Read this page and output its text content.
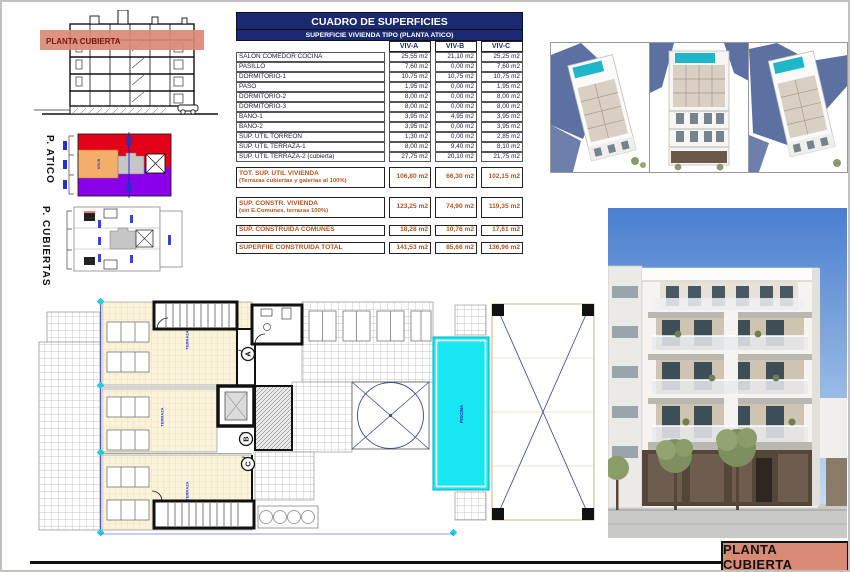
PLANTA CUBIERTA
CUADRO DE SUPERFICIES
SUPERFICIE VIVIENDA TIPO (PLANTA ATICO)
VIV-A	VIV-B	VIV-C
SALON COMEDOR COCINA	25,55 m2	21,10 m2	25,25 m2
PASILLO	7,60 m2	0,00 m2	7,60 m2
DORMITORIO-1	10,75 m2	10,75 m2	10,75 m2
PASO	1,95 m2	0,00 m2	1,95 m2
DORMITORIO-2	8,00 m2	0,00 m2	8,00 m2
DORMITORIO-3	8,00 m2	0,00 m2	8,00 m2
BAÑO-1	3,95 m2	4,95 m2	3,95 m2
BAÑO-2	3,95 m2	0,00 m2	3,95 m2
SUP. ÚTIL TORREON	1,30 m2	0,00 m2	2,85 m2
SUP. ÚTIL TERRAZA-1	8,00 m2	9,40 m2	8,10 m2
SUP. ÚTIL TERRAZA-2 (cubierta)	27,75 m2	20,10 m2	21,75 m2
TOT. SUP. UTIL VIVIENDA
(Terrazas cubiertas y galerias al 100%)
106,80 m2	66,30 m2	102,15 m2
SUP. CONSTR. VIVIENDA
(sin E.Comunes, terrazas 100%)
123,25 m2	74,90 m2	119,35 m2
SUP. CONSTRUIDA COMUNES	18,28 m2	10,76 m2	17,61 m2
SUPERFIIE CONSTRUIDA TOTAL	141,53 m2	85,66 m2	136,96 m2
P. ATICO
P. CUBIERTAS
VIV-B
PISCINA
A
B
C
TERRAZA
TERRAZA
TERRAZA
PLANTA CUBIERTA
